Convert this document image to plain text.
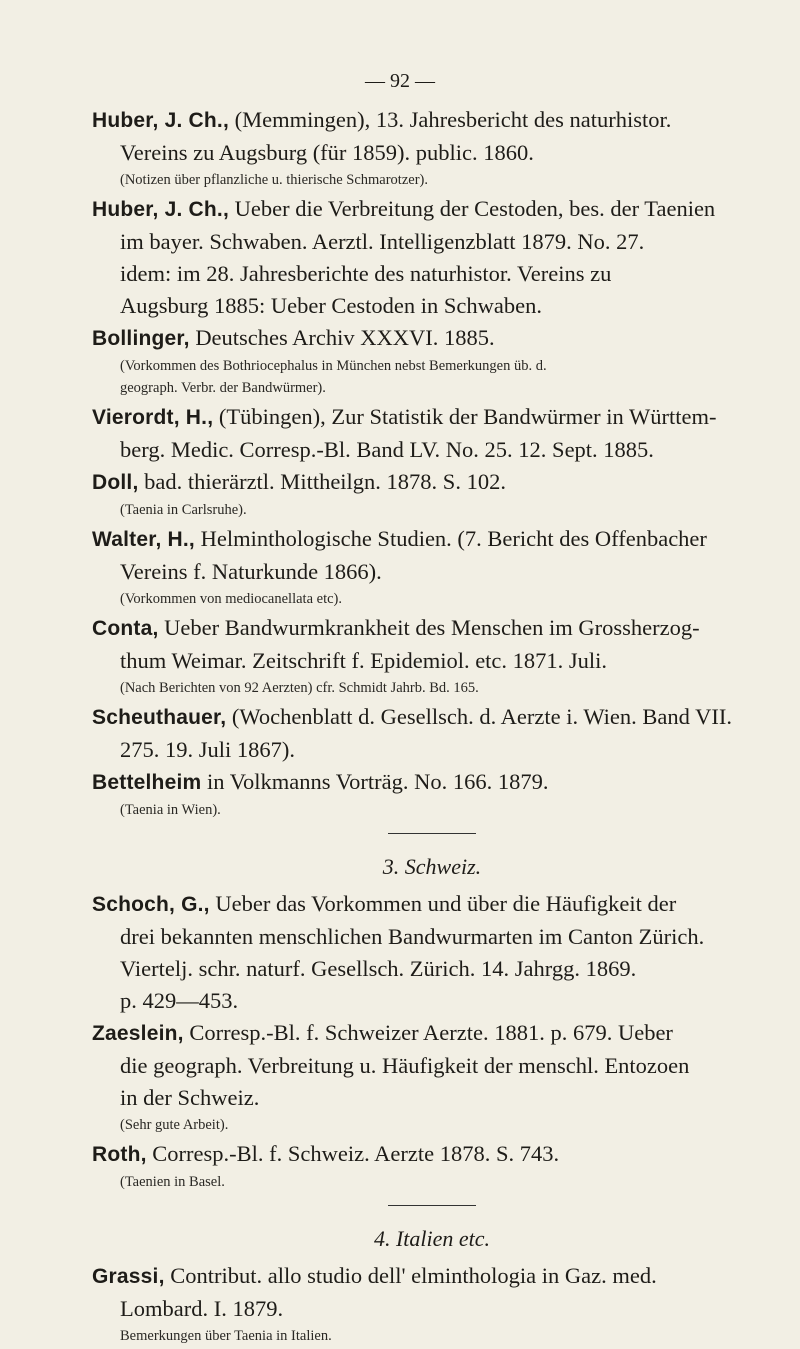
— 92 —

Huber, J. Ch., (Memmingen), 13. Jahresbericht des naturhistor.
Vereins zu Augsburg (für 1859). public. 1860.

(Notizen über pflanzliche u. thierische Schmarotzer).

Huber, J. Ch., Ueber die Verbreitung der Cestoden, bes. der Taenien
im bayer. Schwaben. Aerztl. Intelligenzblatt 1879. No. 27.
idem: im 28. Jahresberichte des naturhistor. Vereins zu
Augsburg 1885: Ueber Cestoden in Schwaben.

Bollinger, Deutsches Archiv XXXVI. 1885.

(Vorkommen des Bothriocephalus in München nebst Bemerkungen üb. d.
geograph. Verbr. der Bandwürmer).

Vierordt, H., (Tübingen), Zur Statistik der Bandwürmer in Württem-
berg. Medic. Corresp.-Bl. Band LV. No. 25. 12. Sept. 1885.

Doll, bad. thierärztl. Mittheilgn. 1878. S. 102.

(Taenia in Carlsruhe).

Walter, H., Helminthologische Studien. (7. Bericht des Offenbacher
Vereins f. Naturkunde 1866).

(Vorkommen von mediocanellata etc).

Conta, Ueber Bandwurmkrankheit des Menschen im Grossherzog-
thum Weimar. Zeitschrift f. Epidemiol. etc. 1871. Juli.

(Nach Berichten von 92 Aerzten) cfr. Schmidt Jahrb. Bd. 165.

Scheuthauer, (Wochenblatt d. Gesellsch. d. Aerzte i. Wien. Band VII.
275. 19. Juli 1867).

Bettelheim in Volkmanns Vorträg. No. 166. 1879.

(Taenia in Wien).

3. Schweiz.

Schoch, G., Ueber das Vorkommen und über die Häufigkeit der
drei bekannten menschlichen Bandwurmarten im Canton Zürich.
Viertelj. schr. naturf. Gesellsch. Zürich. 14. Jahrgg. 1869.
p. 429—453.

Zaeslein, Corresp.-Bl. f. Schweizer Aerzte. 1881. p. 679. Ueber
die geograph. Verbreitung u. Häufigkeit der menschl. Entozoen
in der Schweiz.

(Sehr gute Arbeit).

Roth, Corresp.-Bl. f. Schweiz. Aerzte 1878. S. 743.

(Taenien in Basel.

4. Italien etc.

Grassi, Contribut. allo studio dell' elminthologia in Gaz. med.
Lombard. I. 1879.

Bemerkungen über Taenia in Italien.
